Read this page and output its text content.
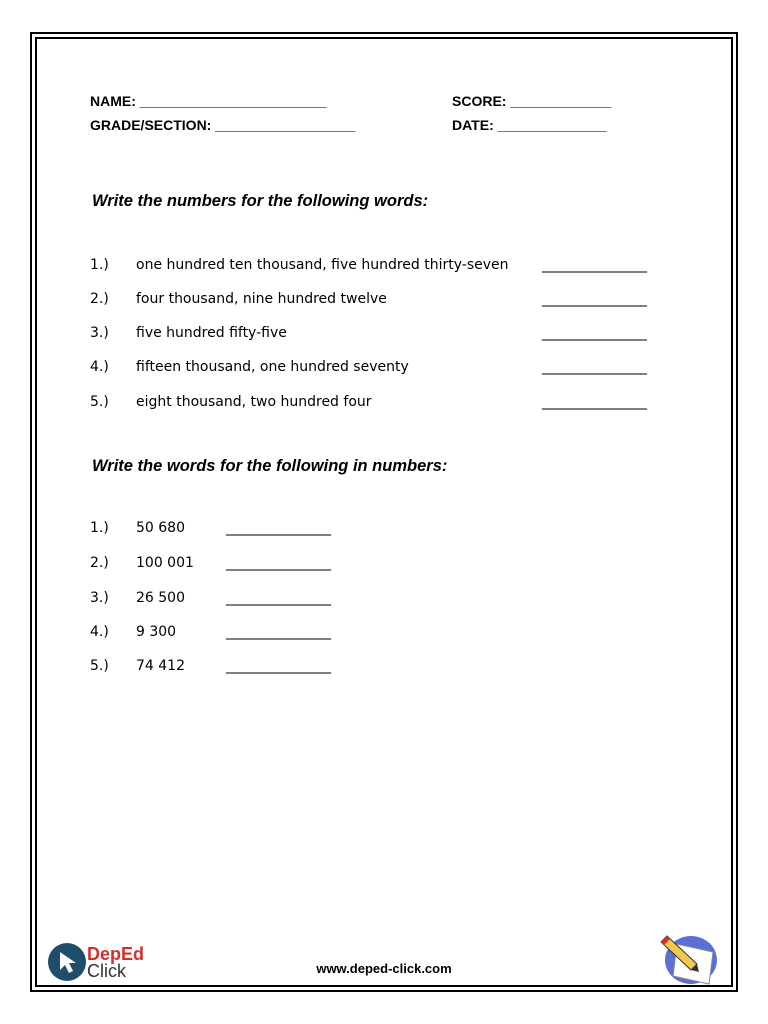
NAME: ________________________	SCORE: _____________
GRADE/SECTION: __________________	DATE: ______________
Write the numbers for the following words:
1.) one hundred ten thousand, five hundred thirty-seven _______________
2.) four thousand, nine hundred twelve	_______________
3.) five hundred fifty-five	_______________
4.) fifteen thousand, one hundred seventy	_______________
5.) eight thousand, two hundred four	_______________
Write the words for the following in numbers:
1.) 50 680	_______________
2.) 100 001 _______________
3.) 26 500	_______________
4.) 9 300	_______________
5.) 74 412	_______________
DepEd
Click	www.deped-click.com
